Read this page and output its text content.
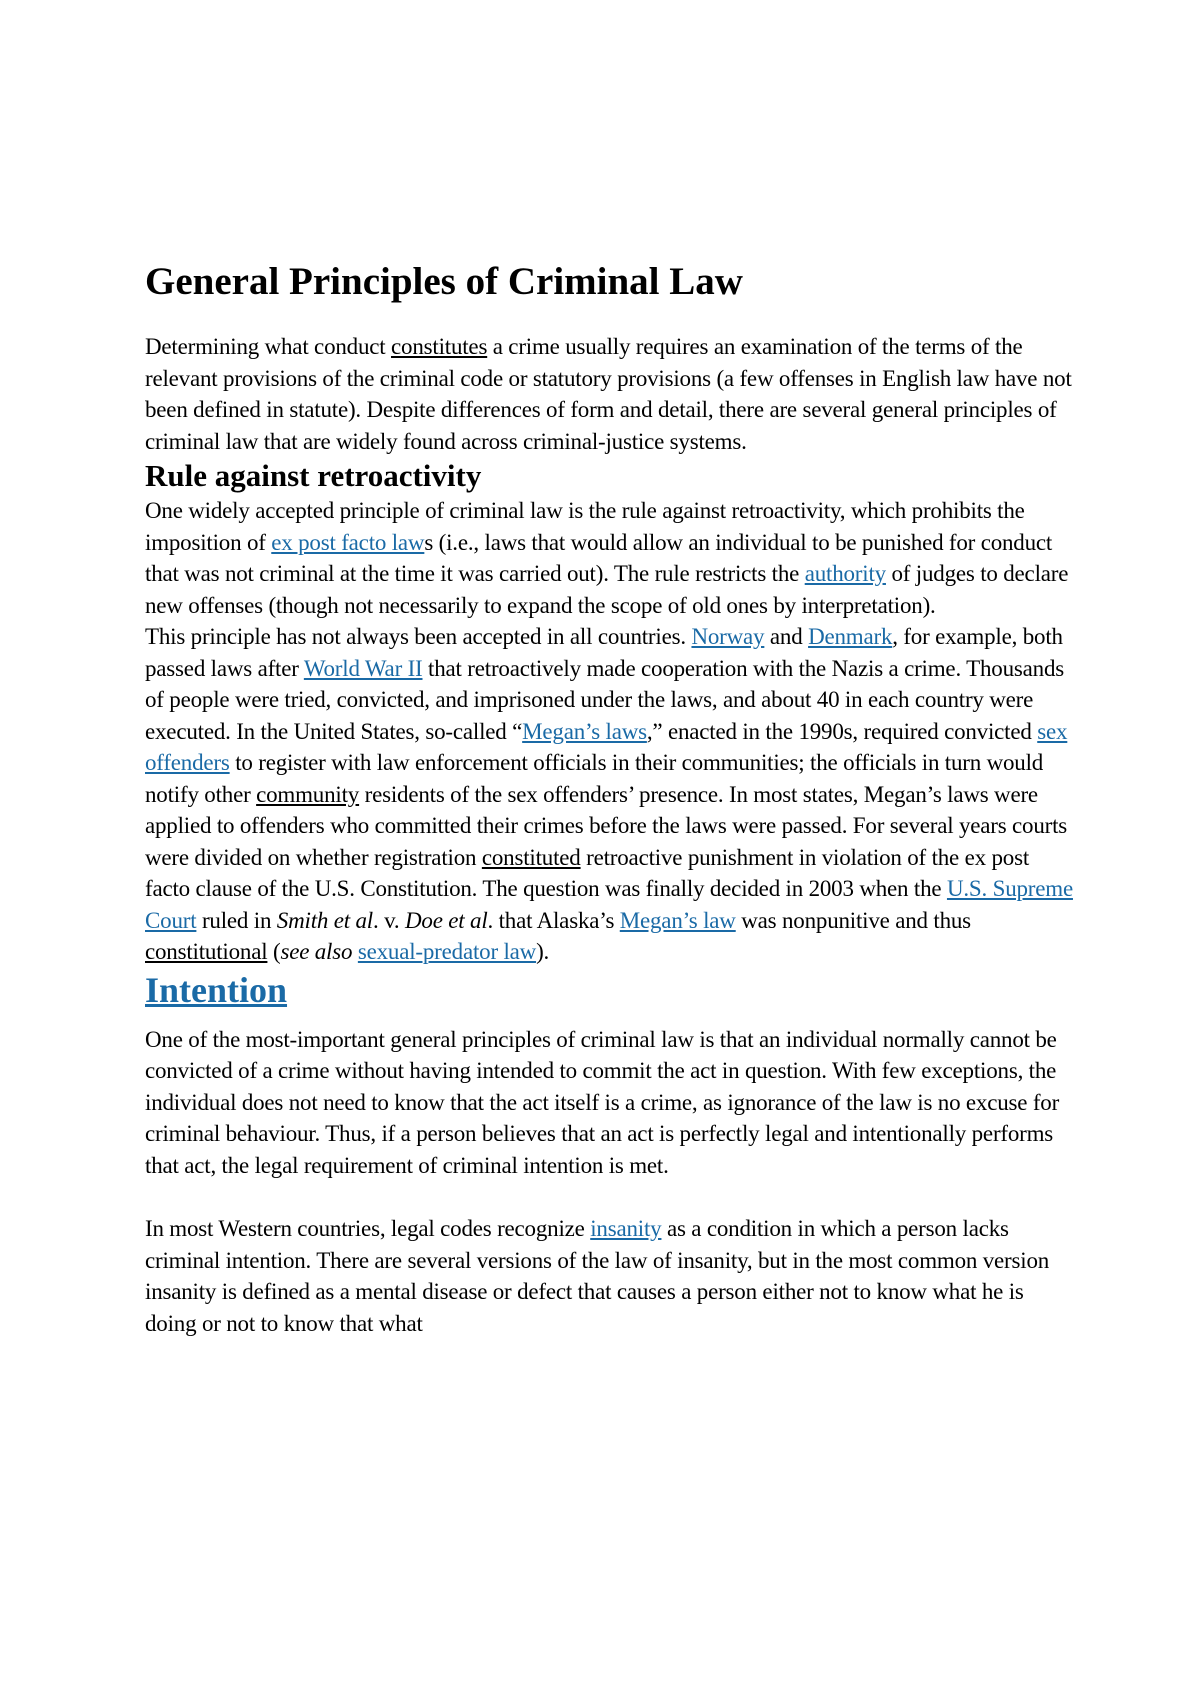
General Principles of Criminal Law

Determining what conduct constitutes a crime usually requires an examination of the terms of the relevant provisions of the criminal code or statutory provisions (a few offenses in English law have not been defined in statute). Despite differences of form and detail, there are several general principles of criminal law that are widely found across criminal-justice systems.

Rule against retroactivity

One widely accepted principle of criminal law is the rule against retroactivity, which prohibits the imposition of ex post facto laws (i.e., laws that would allow an individual to be punished for conduct that was not criminal at the time it was carried out). The rule restricts the authority of judges to declare new offenses (though not necessarily to expand the scope of old ones by interpretation).

This principle has not always been accepted in all countries. Norway and Denmark, for example, both passed laws after World War II that retroactively made cooperation with the Nazis a crime. Thousands of people were tried, convicted, and imprisoned under the laws, and about 40 in each country were executed. In the United States, so-called “Megan’s laws,” enacted in the 1990s, required convicted sex offenders to register with law enforcement officials in their communities; the officials in turn would notify other community residents of the sex offenders’ presence. In most states, Megan’s laws were applied to offenders who committed their crimes before the laws were passed. For several years courts were divided on whether registration constituted retroactive punishment in violation of the ex post facto clause of the U.S. Constitution. The question was finally decided in 2003 when the U.S. Supreme Court ruled in Smith et al. v. Doe et al. that Alaska’s Megan’s law was nonpunitive and thus constitutional (see also sexual-predator law).

Intention

One of the most-important general principles of criminal law is that an individual normally cannot be convicted of a crime without having intended to commit the act in question. With few exceptions, the individual does not need to know that the act itself is a crime, as ignorance of the law is no excuse for criminal behaviour. Thus, if a person believes that an act is perfectly legal and intentionally performs that act, the legal requirement of criminal intention is met.

In most Western countries, legal codes recognize insanity as a condition in which a person lacks criminal intention. There are several versions of the law of insanity, but in the most common version insanity is defined as a mental disease or defect that causes a person either not to know what he is doing or not to know that what
